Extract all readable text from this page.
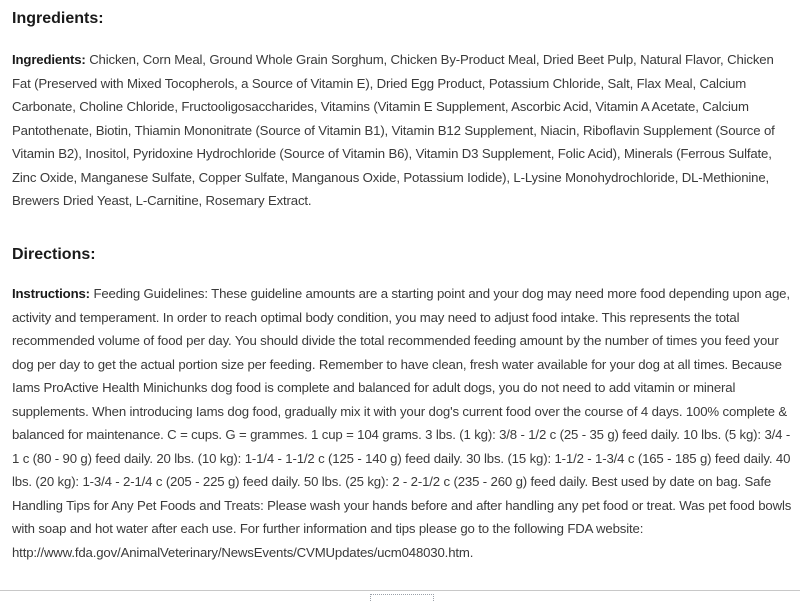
Ingredients:

Ingredients: Chicken, Corn Meal, Ground Whole Grain Sorghum, Chicken By-Product Meal, Dried Beet Pulp, Natural Flavor, Chicken Fat (Preserved with Mixed Tocopherols, a Source of Vitamin E), Dried Egg Product, Potassium Chloride, Salt, Flax Meal, Calcium Carbonate, Choline Chloride, Fructooligosaccharides, Vitamins (Vitamin E Supplement, Ascorbic Acid, Vitamin A Acetate, Calcium Pantothenate, Biotin, Thiamin Mononitrate (Source of Vitamin B1), Vitamin B12 Supplement, Niacin, Riboflavin Supplement (Source of Vitamin B2), Inositol, Pyridoxine Hydrochloride (Source of Vitamin B6), Vitamin D3 Supplement, Folic Acid), Minerals (Ferrous Sulfate, Zinc Oxide, Manganese Sulfate, Copper Sulfate, Manganous Oxide, Potassium Iodide), L-Lysine Monohydrochloride, DL-Methionine, Brewers Dried Yeast, L-Carnitine, Rosemary Extract.

Directions:

Instructions: Feeding Guidelines: These guideline amounts are a starting point and your dog may need more food depending upon age, activity and temperament. In order to reach optimal body condition, you may need to adjust food intake. This represents the total recommended volume of food per day. You should divide the total recommended feeding amount by the number of times you feed your dog per day to get the actual portion size per feeding. Remember to have clean, fresh water available for your dog at all times. Because Iams ProActive Health Minichunks dog food is complete and balanced for adult dogs, you do not need to add vitamin or mineral supplements. When introducing Iams dog food, gradually mix it with your dog's current food over the course of 4 days. 100% complete & balanced for maintenance. C = cups. G = grammes. 1 cup = 104 grams. 3 lbs. (1 kg): 3/8 - 1/2 c (25 - 35 g) feed daily. 10 lbs. (5 kg): 3/4 - 1 c (80 - 90 g) feed daily. 20 lbs. (10 kg): 1-1/4 - 1-1/2 c (125 - 140 g) feed daily. 30 lbs. (15 kg): 1-1/2 - 1-3/4 c (165 - 185 g) feed daily. 40 lbs. (20 kg): 1-3/4 - 2-1/4 c (205 - 225 g) feed daily. 50 lbs. (25 kg): 2 - 2-1/2 c (235 - 260 g) feed daily. Best used by date on bag. Safe Handling Tips for Any Pet Foods and Treats: Please wash your hands before and after handling any pet food or treat. Was pet food bowls with soap and hot water after each use. For further information and tips please go to the following FDA website: http://www.fda.gov/AnimalVeterinary/NewsEvents/CVMUpdates/ucm048030.htm.
